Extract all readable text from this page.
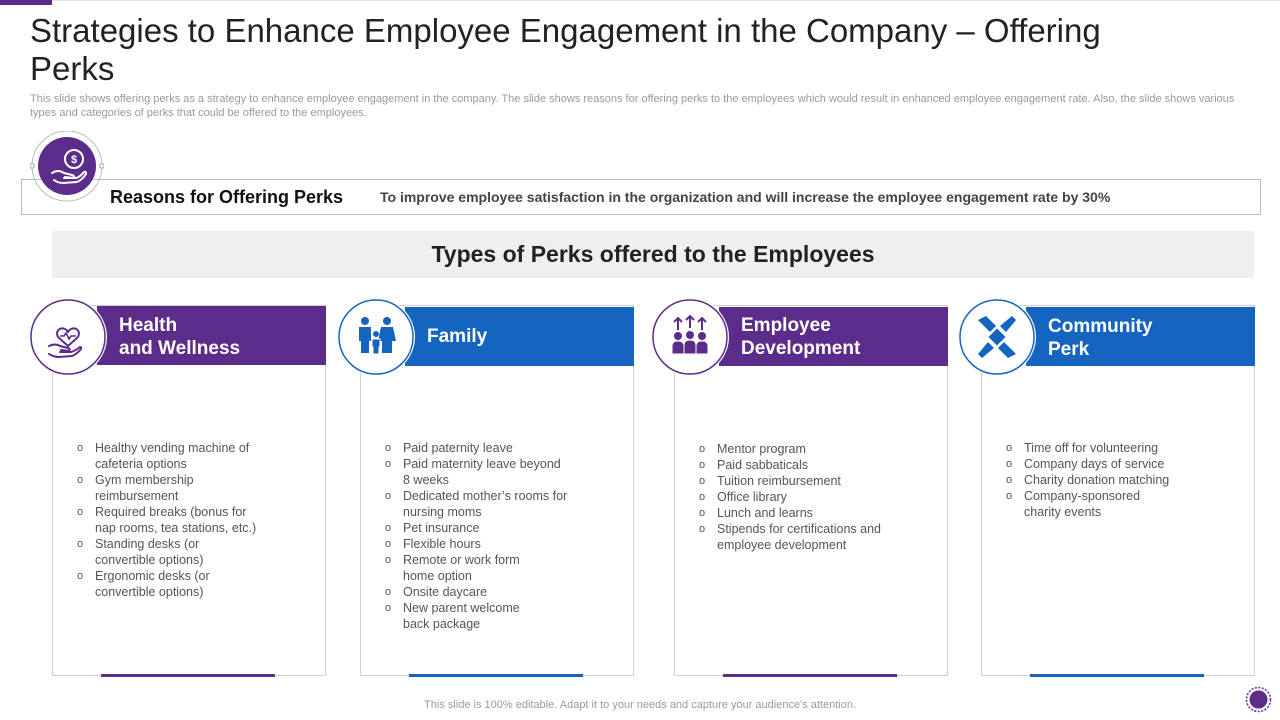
Strategies to Enhance Employee Engagement in the Company – Offering Perks

This slide shows offering perks as a strategy to enhance employee engagement in the company. The slide shows reasons for offering perks to the employees which would result in enhanced employee engagement rate. Also, the slide shows various types and categories of perks that could be offered to the employees.

Reasons for Offering Perks	To improve employee satisfaction in the organization and will increase the employee engagement rate by 30%
$
Types of Perks offered to the Employees
Health
and Wellness
o Healthy vending machine of
cafeteria options
o Gym membership
reimbursement
o Required breaks (bonus for
nap rooms, tea stations, etc.)
o Standing desks (or
convertible options)
o Ergonomic desks (or
convertible options)
Family
o Paid paternity leave
o Paid maternity leave beyond
8 weeks
o Dedicated mother’s rooms for
nursing moms
o Pet insurance
o Flexible hours
o Remote or work form
home option
o Onsite daycare
o New parent welcome
back package
Employee
Development
o Mentor program
o Paid sabbaticals
o Tuition reimbursement
o Office library
o Lunch and learns
o Stipends for certifications and
employee development
Community
Perk
o Time off for volunteering
o Company days of service
o Charity donation matching
o Company-sponsored
charity events
This slide is 100% editable. Adapt it to your needs and capture your audience's attention.
